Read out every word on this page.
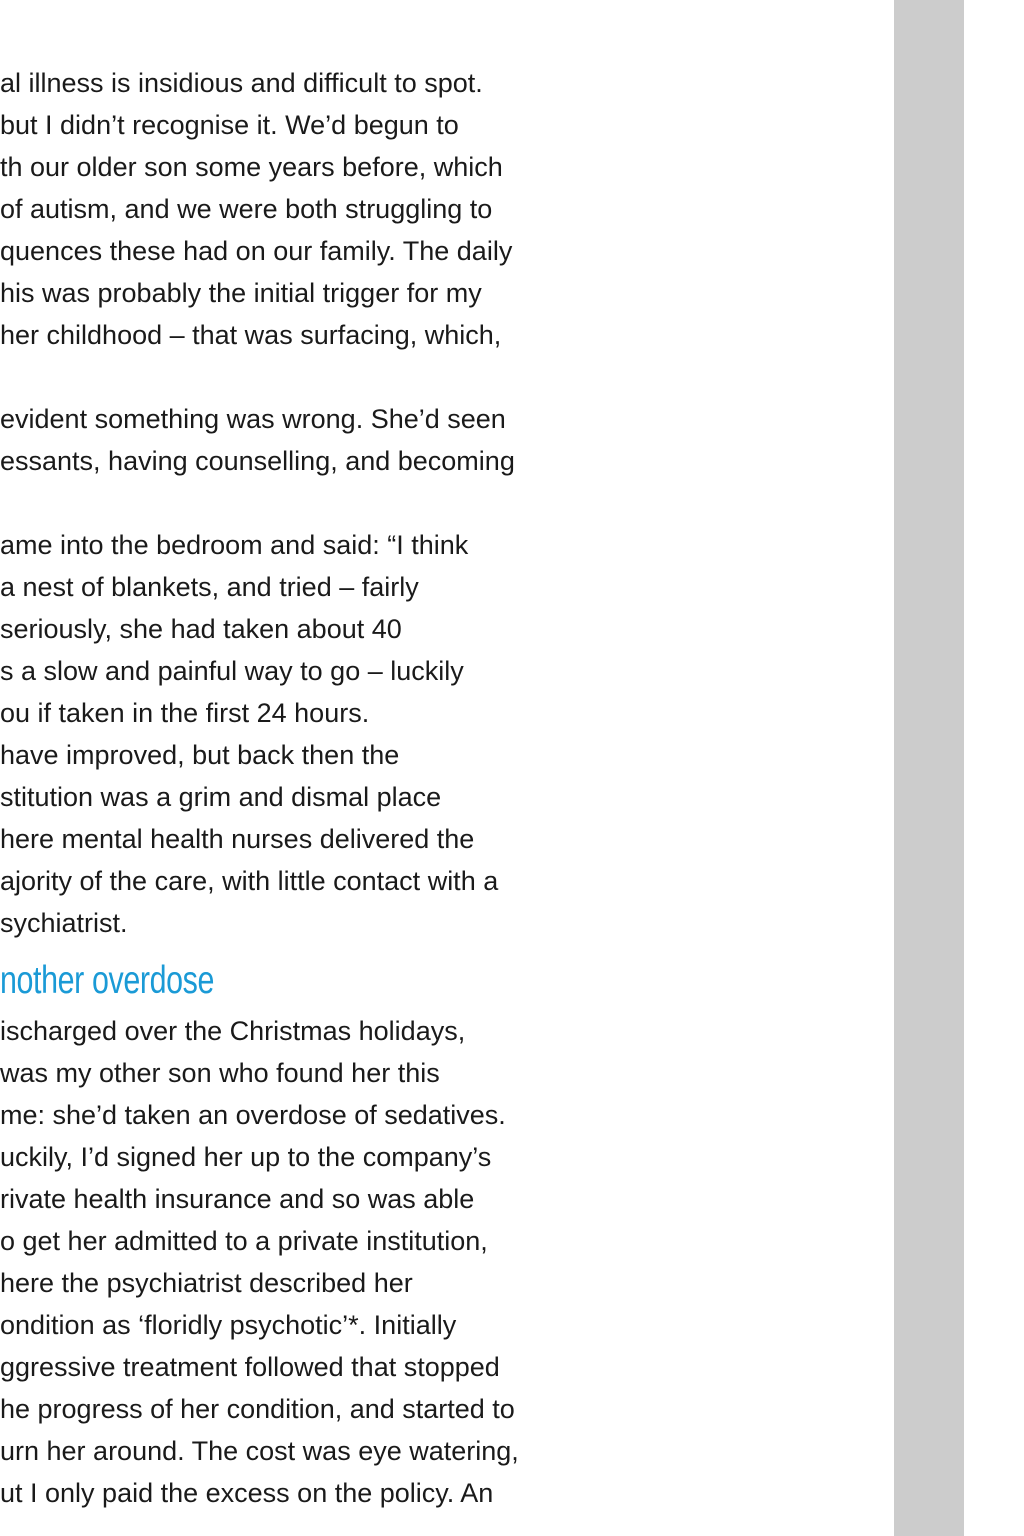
al illness is insidious and difficult to spot.
but I didn’t recognise it. We’d begun to
th our older son some years before, which
of autism, and we were both struggling to
quences these had on our family. The daily
his was probably the initial trigger for my
her childhood – that was surfacing, which,
evident something was wrong. She’d seen
essants, having counselling, and becoming
ame into the bedroom and said: “I think
a nest of blankets, and tried – fairly
seriously, she had taken about 40
s a slow and painful way to go – luckily
ou if taken in the first 24 hours.
have improved, but back then the
stitution was a grim and dismal place
here mental health nurses delivered the
ajority of the care, with little contact with a
sychiatrist.
nother overdose
ischarged over the Christmas holidays,
was my other son who found her this
me: she’d taken an overdose of sedatives.
uckily, I’d signed her up to the company’s
rivate health insurance and so was able
o get her admitted to a private institution,
here the psychiatrist described her
ondition as ‘floridly psychotic’*. Initially
ggressive treatment followed that stopped
he progress of her condition, and started to
urn her around. The cost was eye watering,
ut I only paid the excess on the policy. An
